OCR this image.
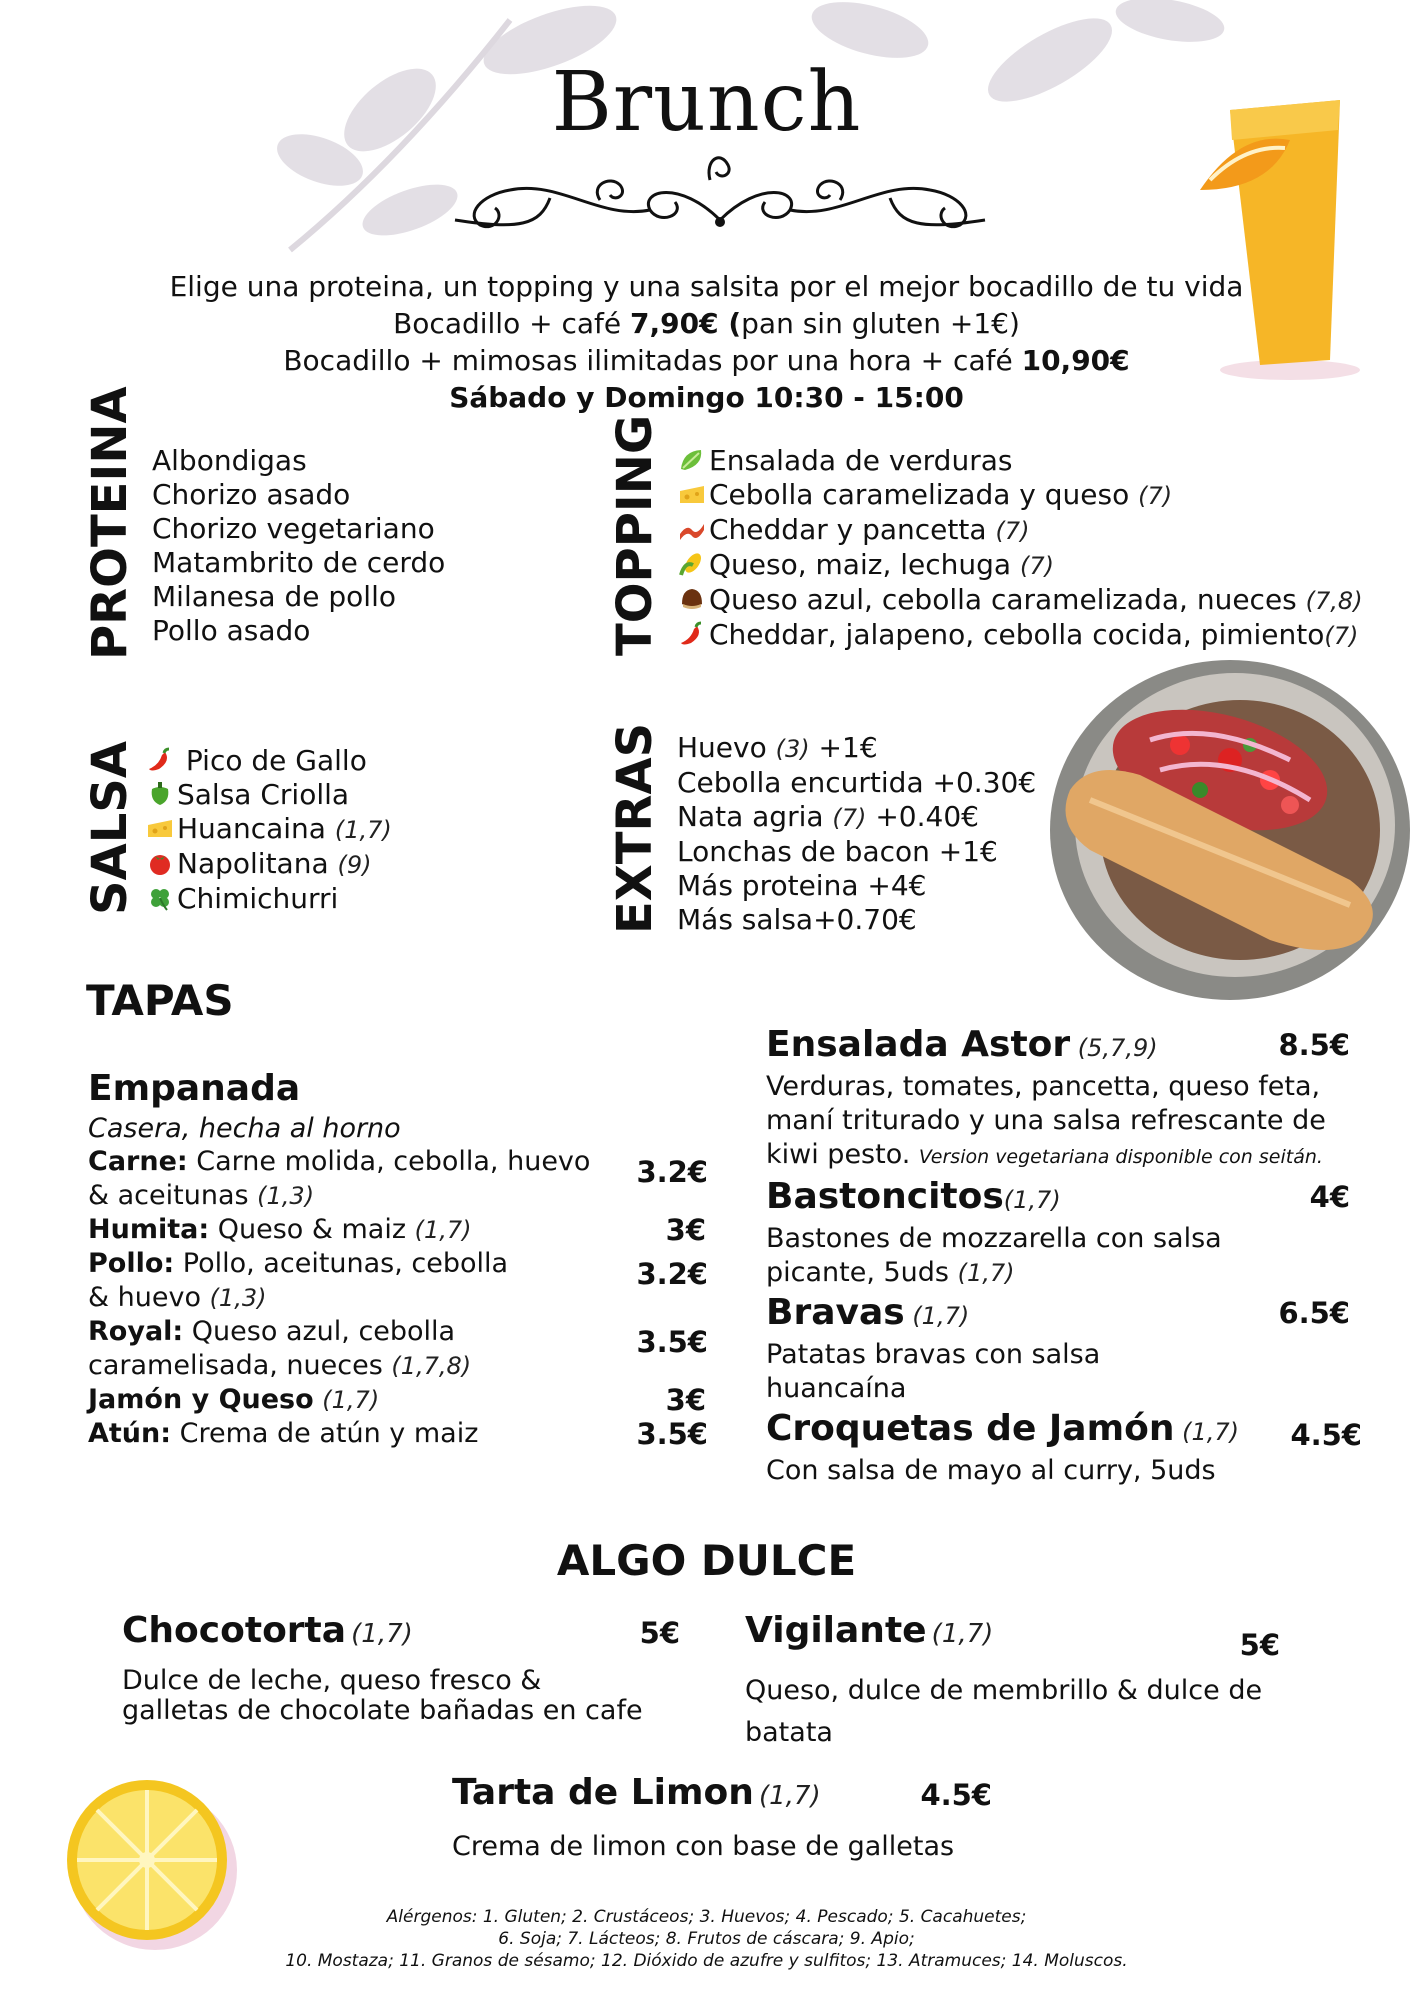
Brunch
Elige una proteina, un topping y una salsita por el mejor bocadillo de tu vida
Bocadillo + café 7,90€ (pan sin gluten +1€)
Bocadillo + mimosas ilimitadas por una hora + café 10,90€
Sábado y Domingo 10:30 - 15:00
PROTEINA Albondigas
Chorizo asado
Chorizo vegetariano
Matambrito de cerdo
Milanesa de pollo
Pollo asado	TOPPING	Ensalada de verduras
Cebolla caramelizada y queso (7)
Cheddar y pancetta (7)
Queso, maiz, lechuga (7)
Queso azul, cebolla caramelizada, nueces (7,8)
Cheddar, jalapeno, cebolla cocida, pimiento(7)
SALSA	Pico de Gallo
Salsa Criolla
Huancaina (1,7)
Napolitana (9)
Chimichurri	EXTRAS Huevo (3) +1€
Cebolla encurtida +0.30€
Nata agria (7) +0.40€
Lonchas de bacon +1€
Más proteina +4€
Más salsa+0.70€
TAPAS
Empanada
Casera, hecha al horno
Carne: Carne molida, cebolla, huevo	3.2€
& aceitunas (1,3)
Humita: Queso & maiz (1,7)	3€
Pollo: Pollo, aceitunas, cebolla	3.2€
& huevo (1,3)
Royal: Queso azul, cebolla	3.5€
caramelisada, nueces (1,7,8)
Jamón y Queso (1,7)	3€
Atún: Crema de atún y maiz	3.5€
Ensalada Astor (5,7,9)	8.5€
Verduras, tomates, pancetta, queso feta,
maní triturado y una salsa refrescante de
kiwi pesto. Version vegetariana disponible con seitán.
Bastoncitos(1,7)	4€
Bastones de mozzarella con salsa
picante, 5uds (1,7)
Bravas (1,7)	6.5€
Patatas bravas con salsa
huancaína
Croquetas de Jamón (1,7) 4.5€
Con salsa de mayo al curry, 5uds
ALGO DULCE
Chocotorta (1,7)	5€
Dulce de leche, queso fresco &
galletas de chocolate bañadas en cafe
Vigilante (1,7)	5€
Queso, dulce de membrillo & dulce de
batata
Tarta de Limon (1,7)	4.5€
Crema de limon con base de galletas
Alérgenos: 1. Gluten; 2. Crustáceos; 3. Huevos; 4. Pescado; 5. Cacahuetes;
6. Soja; 7. Lácteos; 8. Frutos de cáscara; 9. Apio;
10. Mostaza; 11. Granos de sésamo; 12. Dióxido de azufre y sulfitos; 13. Atramuces; 14. Moluscos.
